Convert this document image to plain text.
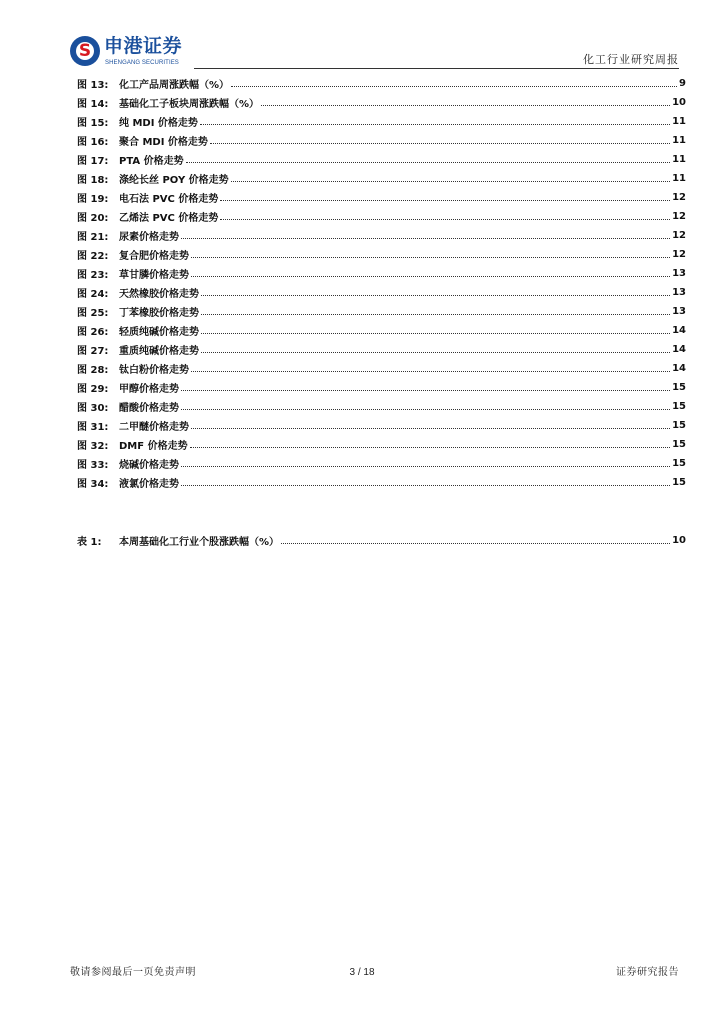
S 申港证券
SHENGANG SECURITIES	化工行业研究周报
图 13:	化工产品周涨跌幅（%）	9
图 14:	基础化工子板块周涨跌幅（%）	10
图 15:	纯 MDI 价格走势	11
图 16:	聚合 MDI 价格走势	11
图 17:	PTA 价格走势	11
图 18:	涤纶长丝 POY 价格走势	11
图 19:	电石法 PVC 价格走势	12
图 20:	乙烯法 PVC 价格走势	12
图 21:	尿素价格走势	12
图 22:	复合肥价格走势	12
图 23:	草甘膦价格走势	13
图 24:	天然橡胶价格走势	13
图 25:	丁苯橡胶价格走势	13
图 26:	轻质纯碱价格走势	14
图 27:	重质纯碱价格走势	14
图 28:	钛白粉价格走势	14
图 29:	甲醇价格走势	15
图 30:	醋酸价格走势	15
图 31:	二甲醚价格走势	15
图 32:	DMF 价格走势	15
图 33:	烧碱价格走势	15
图 34:	液氯价格走势	15
表 1:	本周基础化工行业个股涨跌幅（%）	10
敬请参阅最后一页免责声明	3 / 18	证券研究报告
